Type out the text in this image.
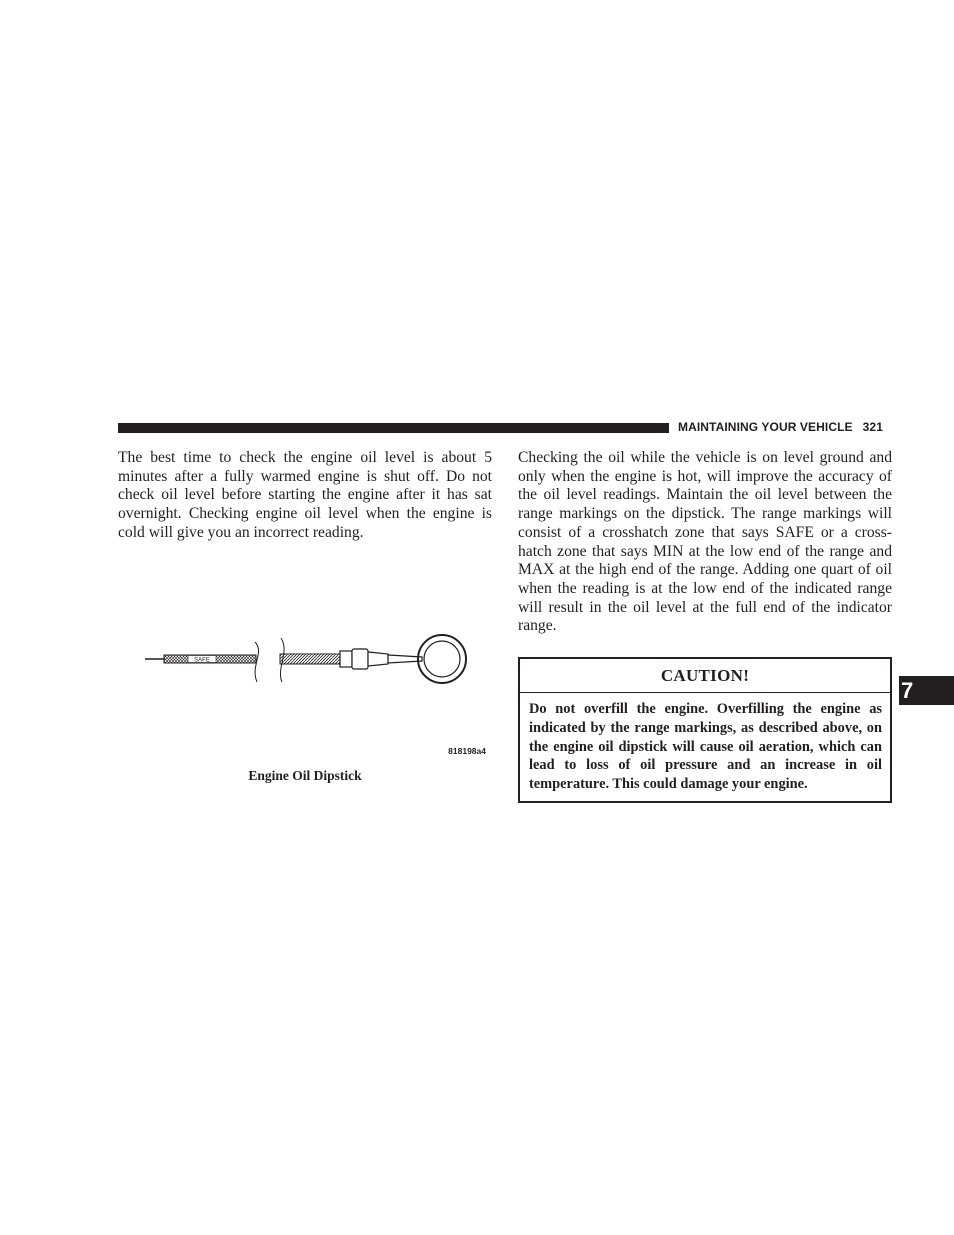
MAINTAINING YOUR VEHICLE 321

The best time to check the engine oil level is about 5 minutes after a fully warmed engine is shut off. Do not check oil level before starting the engine after it has sat overnight. Checking engine oil level when the engine is cold will give you an incorrect reading.

SAFE
818198a4
Engine Oil Dipstick

Checking the oil while the vehicle is on level ground and only when the engine is hot, will improve the accuracy of the oil level readings. Maintain the oil level between the range markings on the dipstick. The range markings will consist of a crosshatch zone that says SAFE or a cross-hatch zone that says MIN at the low end of the range and MAX at the high end of the range. Adding one quart of oil when the reading is at the low end of the indicated range will result in the oil level at the full end of the indicator range.

CAUTION!

Do not overfill the engine. Overfilling the engine as indicated by the range markings, as described above, on the engine oil dipstick will cause oil aeration, which can lead to loss of oil pressure and an increase in oil temperature. This could damage your engine.

7
